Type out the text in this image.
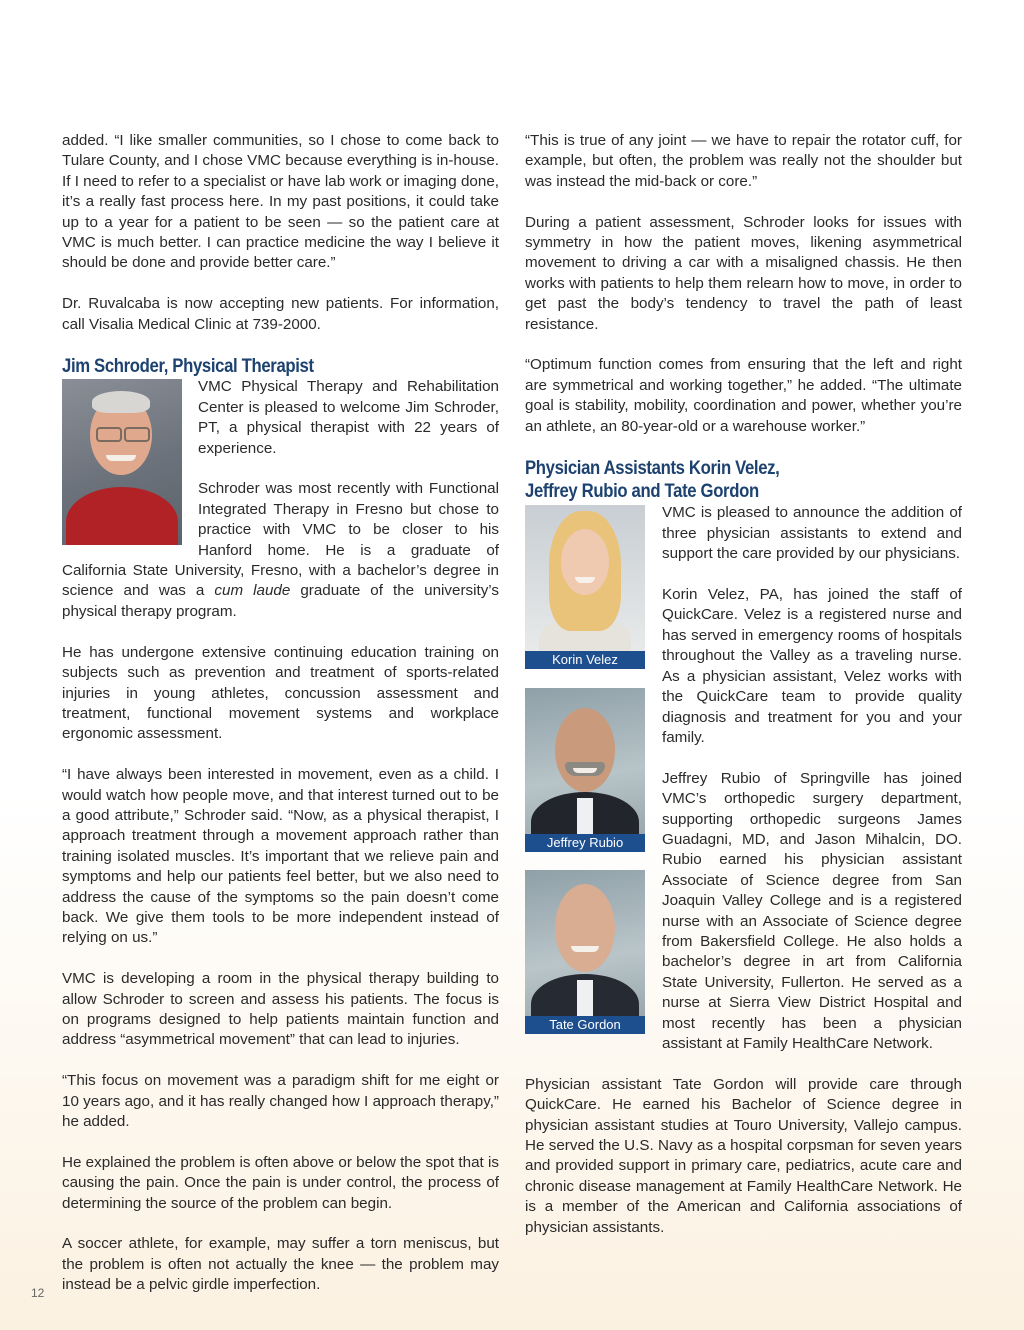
added. “I like smaller communities, so I chose to come back to Tulare County, and I chose VMC because everything is in-house. If I need to refer to a specialist or have lab work or imaging done, it’s a really fast process here. In my past positions, it could take up to a year for a patient to be seen — so the patient care at VMC is much better. I can practice medicine the way I believe it should be done and provide better care.”

Dr. Ruvalcaba is now accepting new patients. For information, call Visalia Medical Clinic at 739-2000.

Jim Schroder, Physical Therapist

VMC Physical Therapy and Rehabilitation Center is pleased to welcome Jim Schroder, PT, a physical therapist with 22 years of experience.

Schroder was most recently with Functional Integrated Therapy in Fresno but chose to practice with VMC to be closer to his Hanford home. He is a graduate of California State University, Fresno, with a bachelor’s degree in science and was a cum laude graduate of the university’s physical therapy program.

He has undergone extensive continuing education training on subjects such as prevention and treatment of sports-related injuries in young athletes, concussion assessment and treatment, functional movement systems and workplace ergonomic assessment.

“I have always been interested in movement, even as a child. I would watch how people move, and that interest turned out to be a good attribute,” Schroder said. “Now, as a physical therapist, I approach treatment through a movement approach rather than training isolated muscles. It’s important that we relieve pain and symptoms and help our patients feel better, but we also need to address the cause of the symptoms so the pain doesn’t come back. We give them tools to be more independent instead of relying on us.”

VMC is developing a room in the physical therapy building to allow Schroder to screen and assess his patients. The focus is on programs designed to help patients maintain function and address “asymmetrical movement” that can lead to injuries.

“This focus on movement was a paradigm shift for me eight or 10 years ago, and it has really changed how I approach therapy,” he added.

He explained the problem is often above or below the spot that is causing the pain. Once the pain is under control, the process of determining the source of the problem can begin.

A soccer athlete, for example, may suffer a torn meniscus, but the problem is often not actually the knee — the problem may instead be a pelvic girdle imperfection.

“This is true of any joint — we have to repair the rotator cuff, for example, but often, the problem was really not the shoulder but was instead the mid-back or core.”

During a patient assessment, Schroder looks for issues with symmetry in how the patient moves, likening asymmetrical movement to driving a car with a misaligned chassis. He then works with patients to help them relearn how to move, in order to get past the body’s tendency to travel the path of least resistance.

“Optimum function comes from ensuring that the left and right are symmetrical and working together,” he added. “The ultimate goal is stability, mobility, coordination and power, whether you’re an athlete, an 80-year-old or a warehouse worker.”

Physician Assistants Korin Velez,
Jeffrey Rubio and Tate Gordon
Korin Velez
Jeffrey Rubio
Tate Gordon

VMC is pleased to announce the addition of three physician assistants to extend and support the care provided by our physicians.

Korin Velez, PA, has joined the staff of QuickCare. Velez is a registered nurse and has served in emergency rooms of hospitals throughout the Valley as a traveling nurse. As a physician assistant, Velez works with the QuickCare team to provide quality diagnosis and treatment for you and your family.

Jeffrey Rubio of Springville has joined VMC’s orthopedic surgery department, supporting orthopedic surgeons James Guadagni, MD, and Jason Mihalcin, DO. Rubio earned his physician assistant Associate of Science degree from San Joaquin Valley College and is a registered nurse with an Associate of Science degree from Bakersfield College. He also holds a bachelor’s degree in art from California State University, Fullerton. He served as a nurse at Sierra View District Hospital and most recently has been a physician assistant at Family HealthCare Network.

Physician assistant Tate Gordon will provide care through QuickCare. He earned his Bachelor of Science degree in physician assistant studies at Touro University, Vallejo campus. He served the U.S. Navy as a hospital corpsman for seven years and provided support in primary care, pediatrics, acute care and chronic disease management at Family HealthCare Network. He is a member of the American and California associations of physician assistants.

12
